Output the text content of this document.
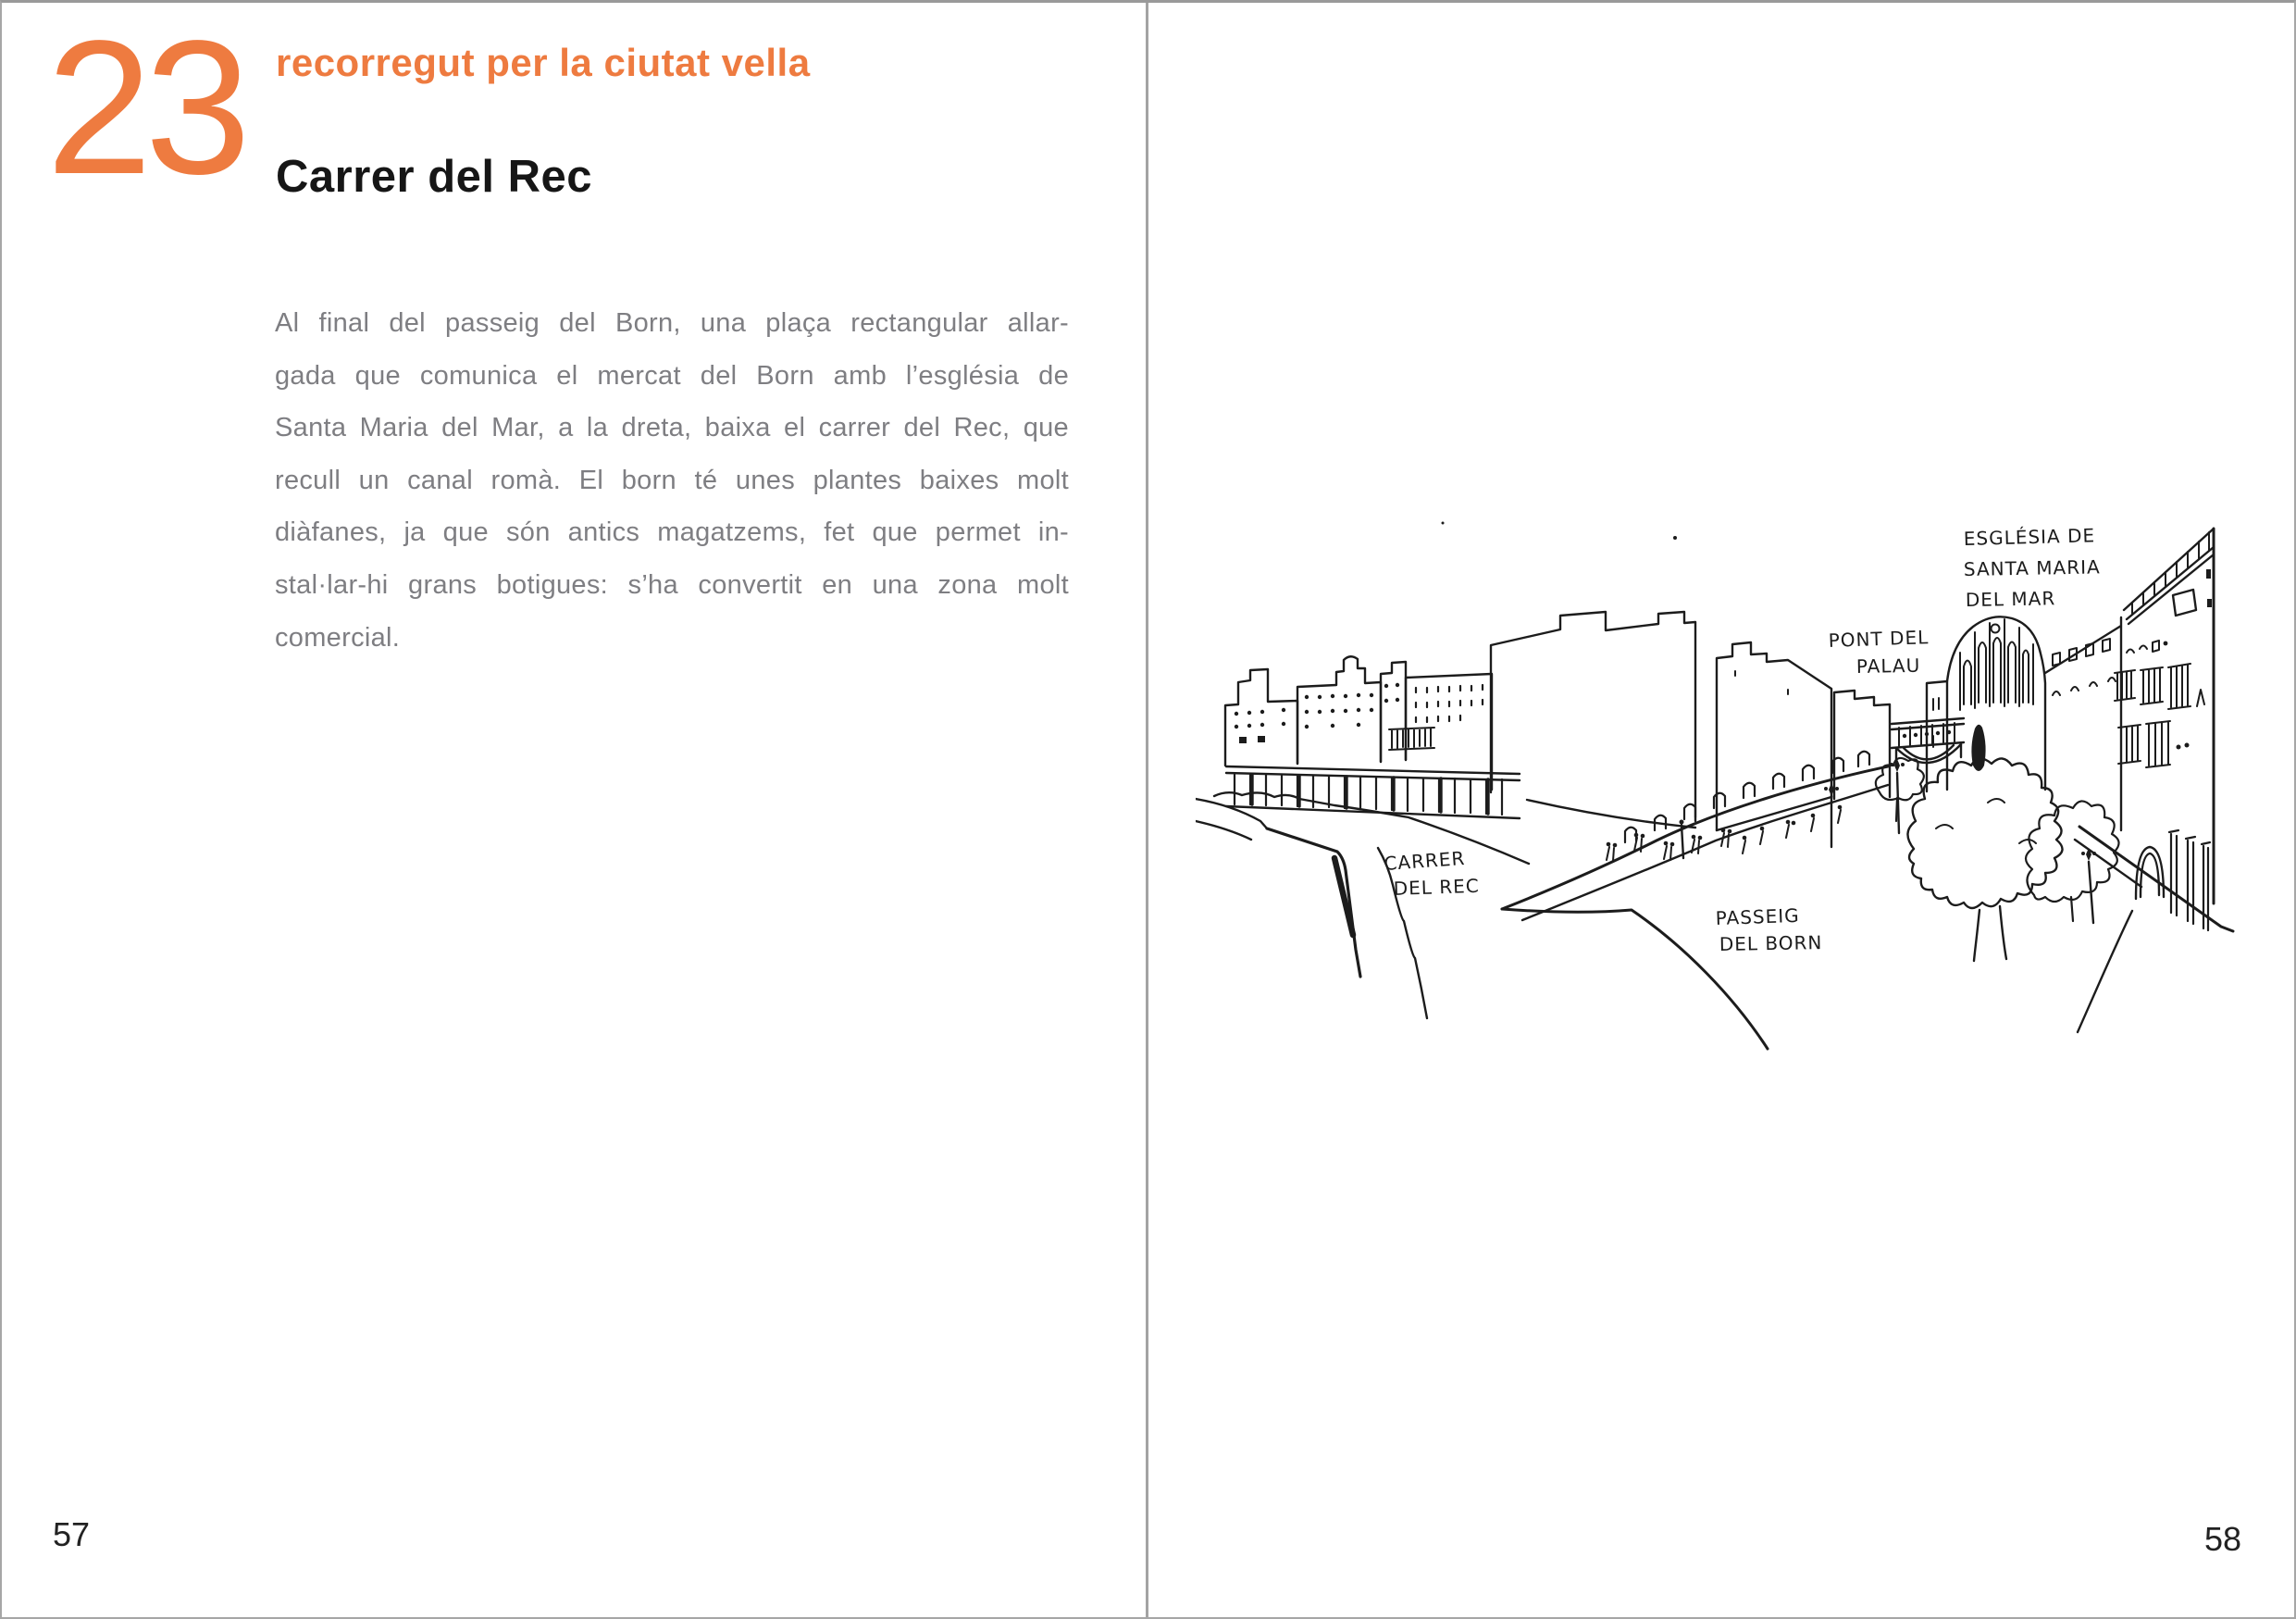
23 recorregut per la ciutat vella
Carrer del Rec
Al final del passeig del Born, una plaça rectangular allar-
gada que comunica el mercat del Born amb l’església de
Santa Maria del Mar, a la dreta, baixa el carrer del Rec, que
recull un canal romà. El born té unes plantes baixes molt
diàfanes, ja que són antics magatzems, fet que permet in-
stal·lar-hi grans botigues: s’ha convertit en una zona molt
comercial.
57
ESGLÉSIA DE
SANTA MARIA
DEL MAR
PONT DEL
PALAU
CARRER
DEL REC
PASSEIG
DEL BORN
58
